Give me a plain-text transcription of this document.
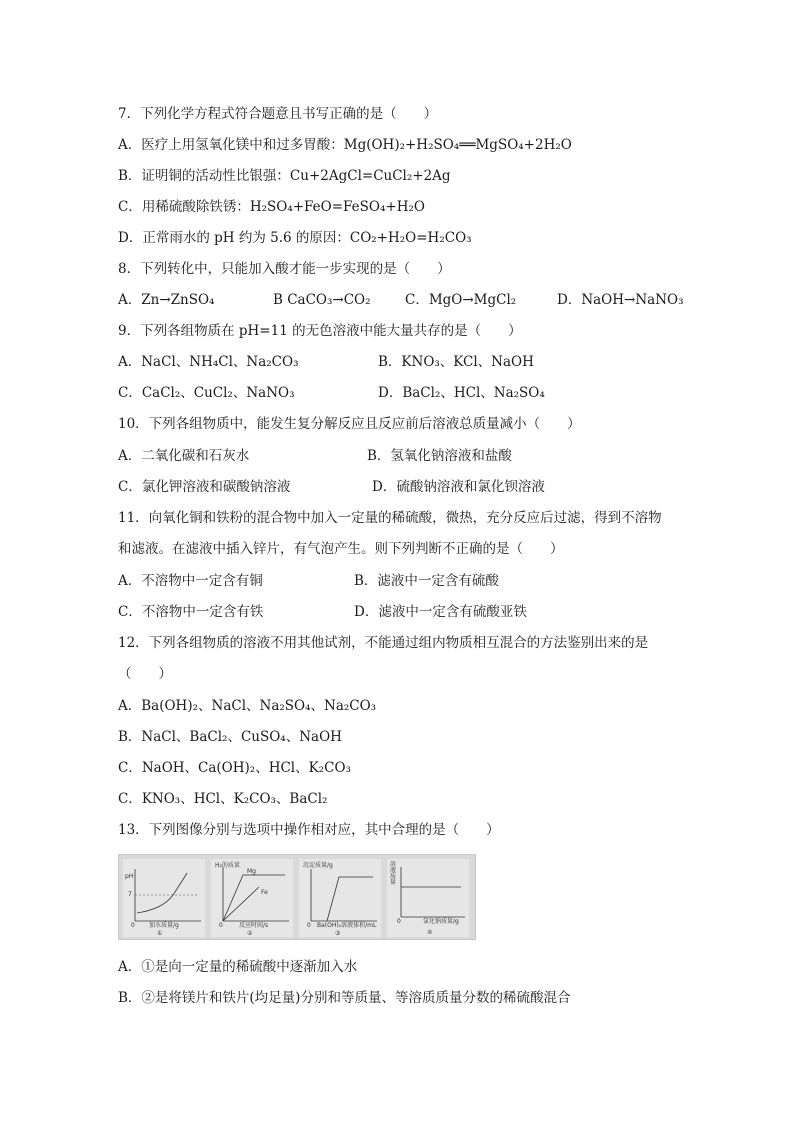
7．下列化学方程式符合题意且书写正确的是（　　）
A．医疗上用氢氧化镁中和过多胃酸：Mg(OH)₂+H₂SO₄══MgSO₄+2H₂O
B．证明铜的活动性比银强：Cu+2AgCl=CuCl₂+2Ag
C．用稀硫酸除铁锈：H₂SO₄+FeO=FeSO₄+H₂O
D．正常雨水的 pH 约为 5.6 的原因：CO₂+H₂O=H₂CO₃
8．下列转化中，只能加入酸才能一步实现的是（　　）
A．Zn→ZnSO₄	B CaCO₃→CO₂	C．MgO→MgCl₂	D．NaOH→NaNO₃
9．下列各组物质在 pH=11 的无色溶液中能大量共存的是（　　）
A．NaCl、NH₄Cl、Na₂CO₃	B．KNO₃、KCl、NaOH
C．CaCl₂、CuCl₂、NaNO₃	D．BaCl₂、HCl、Na₂SO₄
10．下列各组物质中，能发生复分解反应且反应前后溶液总质量减小（　　）
A．二氧化碳和石灰水	B．氢氧化钠溶液和盐酸
C．氯化钾溶液和碳酸钠溶液	D．硫酸钠溶液和氯化钡溶液
11．向氧化铜和铁粉的混合物中加入一定量的稀硫酸，微热，充分反应后过滤，得到不溶物
和滤液。在滤液中插入锌片，有气泡产生。则下列判断不正确的是（　　）
A．不溶物中一定含有铜	B．滤液中一定含有硫酸
C．不溶物中一定含有铁	D．滤液中一定含有硫酸亚铁
12．下列各组物质的溶液不用其他试剂，不能通过组内物质相互混合的方法鉴别出来的是
（　　）
A．Ba(OH)₂、NaCl、Na₂SO₄、Na₂CO₃
B．NaCl、BaCl₂、CuSO₄、NaOH
C．NaOH、Ca(OH)₂、HCl、K₂CO₃
C．KNO₃、HCl、K₂CO₃、BaCl₂
13．下列图像分别与选项中操作相对应，其中合理的是（　　）
pH
7
0 加水质量/g
①
H₂的质量
Mg
Fe
0	反应时间/s
②
沉淀质量/g
0 Ba(OH)₂溶液体积/mL
③
溶液质量
0	氯化钠质量/g
④
A．①是向一定量的稀硫酸中逐渐加入水
B．②是将镁片和铁片(均足量)分别和等质量、等溶质质量分数的稀硫酸混合
